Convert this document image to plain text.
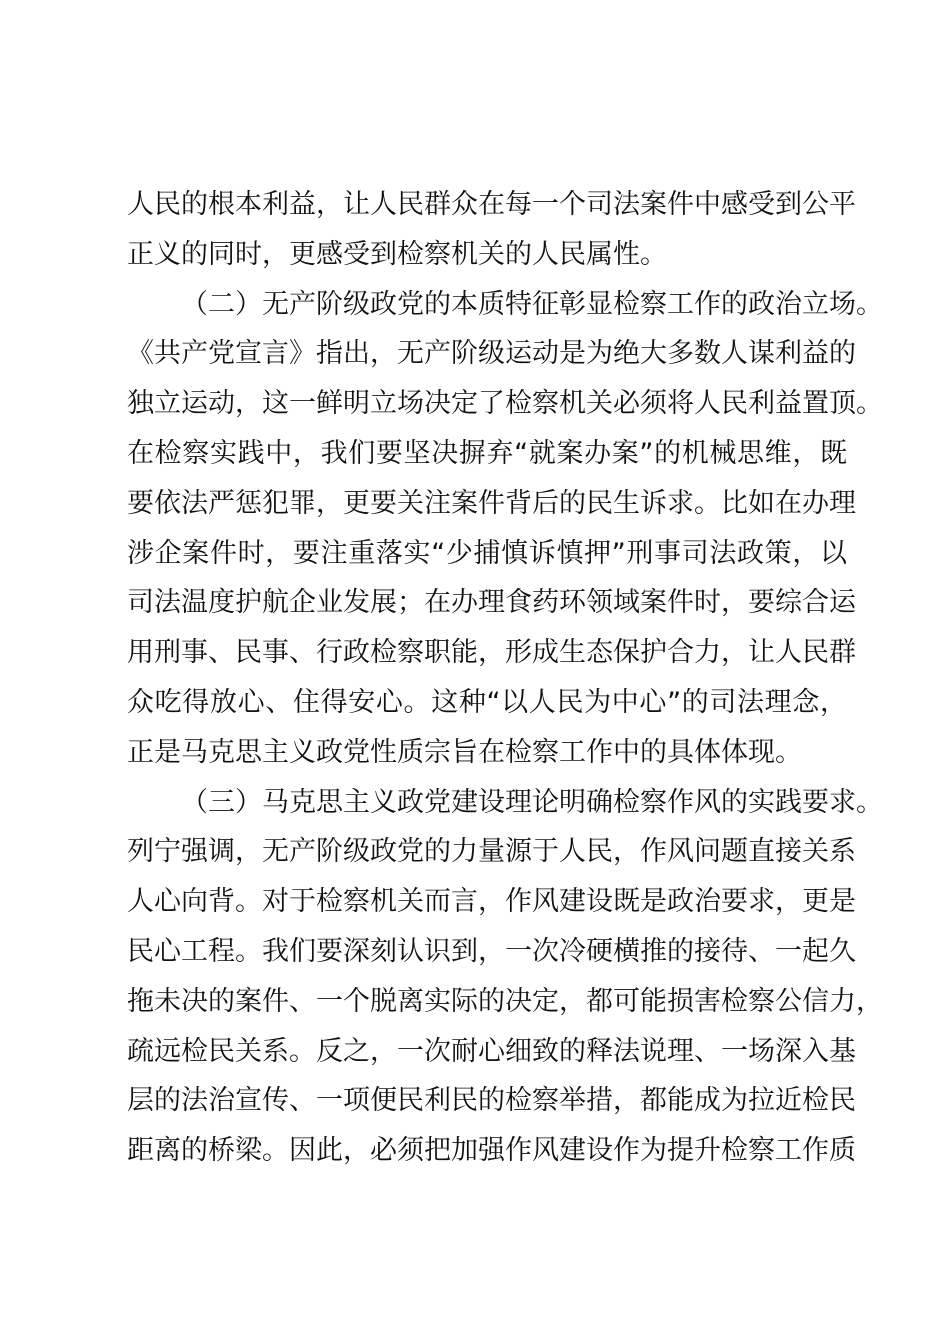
人民的根本利益，让人民群众在每一个司法案件中感受到公平
正义的同时，更感受到检察机关的人民属性。
（二）无产阶级政党的本质特征彰显检察工作的政治立场。
《共产党宣言》指出，无产阶级运动是为绝大多数人谋利益的
独立运动，这一鲜明立场决定了检察机关必须将人民利益置顶。
在检察实践中，我们要坚决摒弃“就案办案”的机械思维，既
要依法严惩犯罪，更要关注案件背后的民生诉求。比如在办理
涉企案件时，要注重落实“少捕慎诉慎押”刑事司法政策，以
司法温度护航企业发展；在办理食药环领域案件时，要综合运
用刑事、民事、行政检察职能，形成生态保护合力，让人民群
众吃得放心、住得安心。这种“以人民为中心”的司法理念，
正是马克思主义政党性质宗旨在检察工作中的具体体现。
（三）马克思主义政党建设理论明确检察作风的实践要求。
列宁强调，无产阶级政党的力量源于人民，作风问题直接关系
人心向背。对于检察机关而言，作风建设既是政治要求，更是
民心工程。我们要深刻认识到，一次冷硬横推的接待、一起久
拖未决的案件、一个脱离实际的决定，都可能损害检察公信力，
疏远检民关系。反之，一次耐心细致的释法说理、一场深入基
层的法治宣传、一项便民利民的检察举措，都能成为拉近检民
距离的桥梁。因此，必须把加强作风建设作为提升检察工作质
